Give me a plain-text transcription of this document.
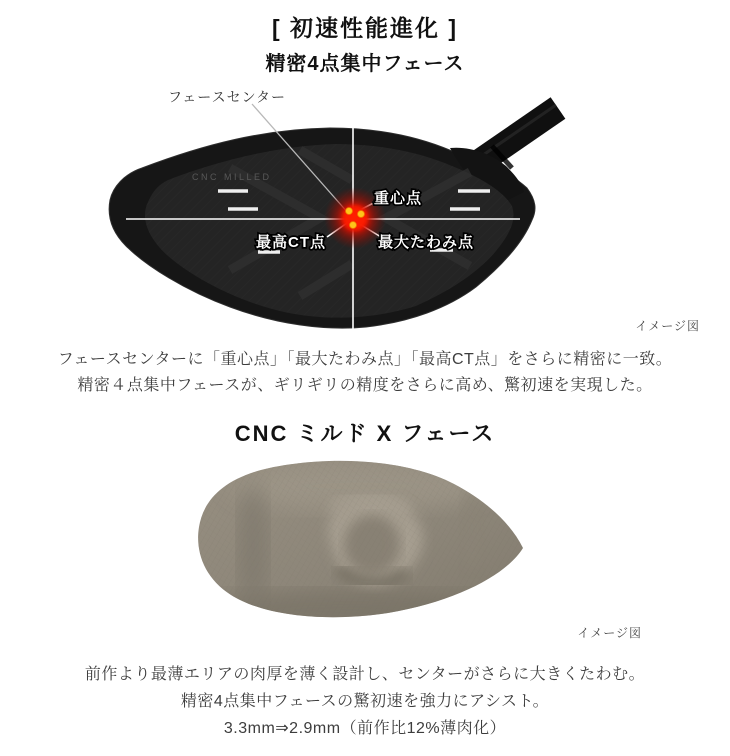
[ 初速性能進化 ]
精密4点集中フェース
フェースセンター
CNC MILLED
重心点
最高CT点	最大たわみ点
イメージ図
フェースセンターに「重心点」「最大たわみ点」「最高CT点」をさらに精密に一致。
精密４点集中フェースが、ギリギリの精度をさらに高め、驚初速を実現した。
CNC ミルド X フェース
イメージ図
前作より最薄エリアの肉厚を薄く設計し、センターがさらに大きくたわむ。
精密4点集中フェースの驚初速を強力にアシスト。
3.3mm⇒2.9mm（前作比12%薄肉化）
